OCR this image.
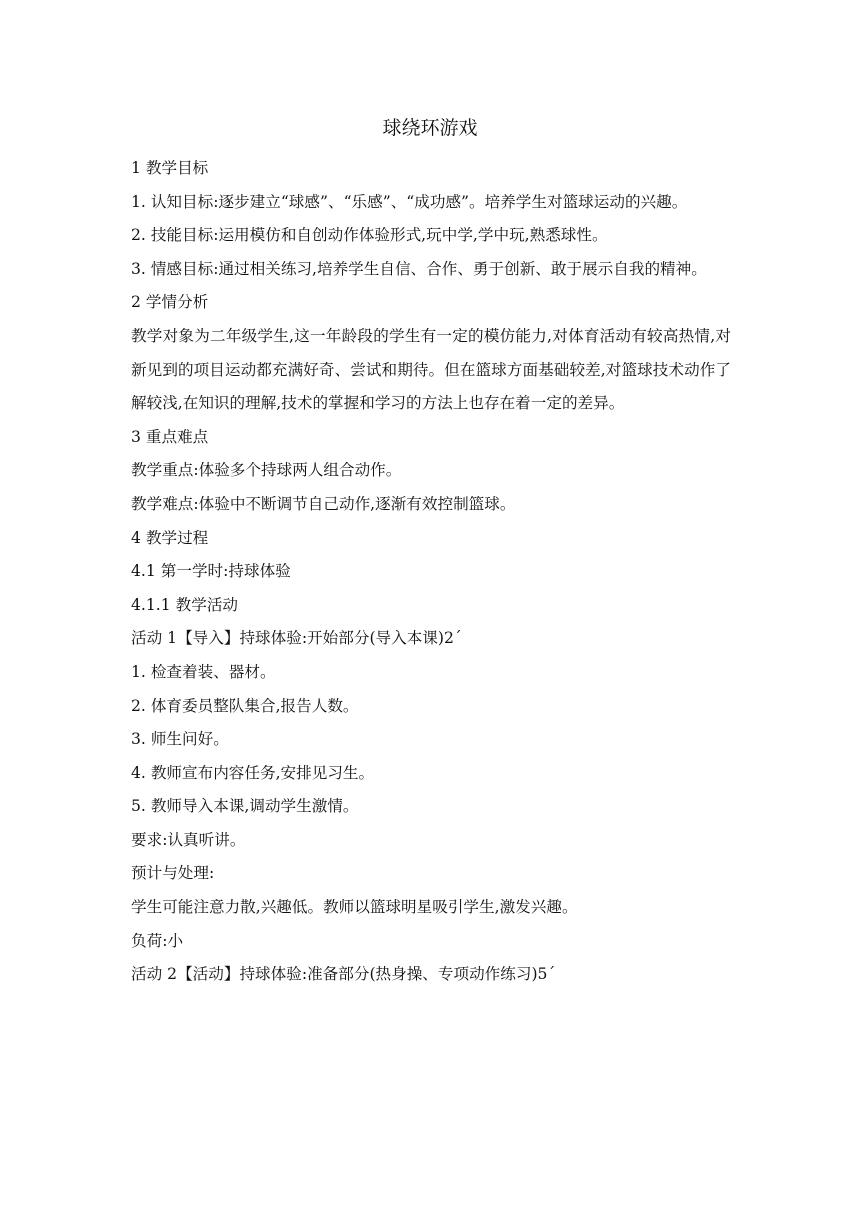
球绕环游戏

1 教学目标

1. 认知目标:逐步建立“球感”、“乐感”、“成功感”。培养学生对篮球运动的兴趣。

2. 技能目标:运用模仿和自创动作体验形式,玩中学,学中玩,熟悉球性。

3. 情感目标:通过相关练习,培养学生自信、合作、勇于创新、敢于展示自我的精神。

2 学情分析

教学对象为二年级学生,这一年龄段的学生有一定的模仿能力,对体育活动有较高热情,对新见到的项目运动都充满好奇、尝试和期待。但在篮球方面基础较差,对篮球技术动作了解较浅,在知识的理解,技术的掌握和学习的方法上也存在着一定的差异。

3 重点难点

教学重点:体验多个持球两人组合动作。

教学难点:体验中不断调节自己动作,逐渐有效控制篮球。

4 教学过程

4.1 第一学时:持球体验

4.1.1 教学活动

活动 1【导入】持球体验:开始部分(导入本课)2´

1. 检查着装、器材。

2. 体育委员整队集合,报告人数。

3. 师生问好。

4. 教师宣布内容任务,安排见习生。

5. 教师导入本课,调动学生激情。

要求:认真听讲。

预计与处理:

学生可能注意力散,兴趣低。教师以篮球明星吸引学生,激发兴趣。

负荷:小

活动 2【活动】持球体验:准备部分(热身操、专项动作练习)5´
